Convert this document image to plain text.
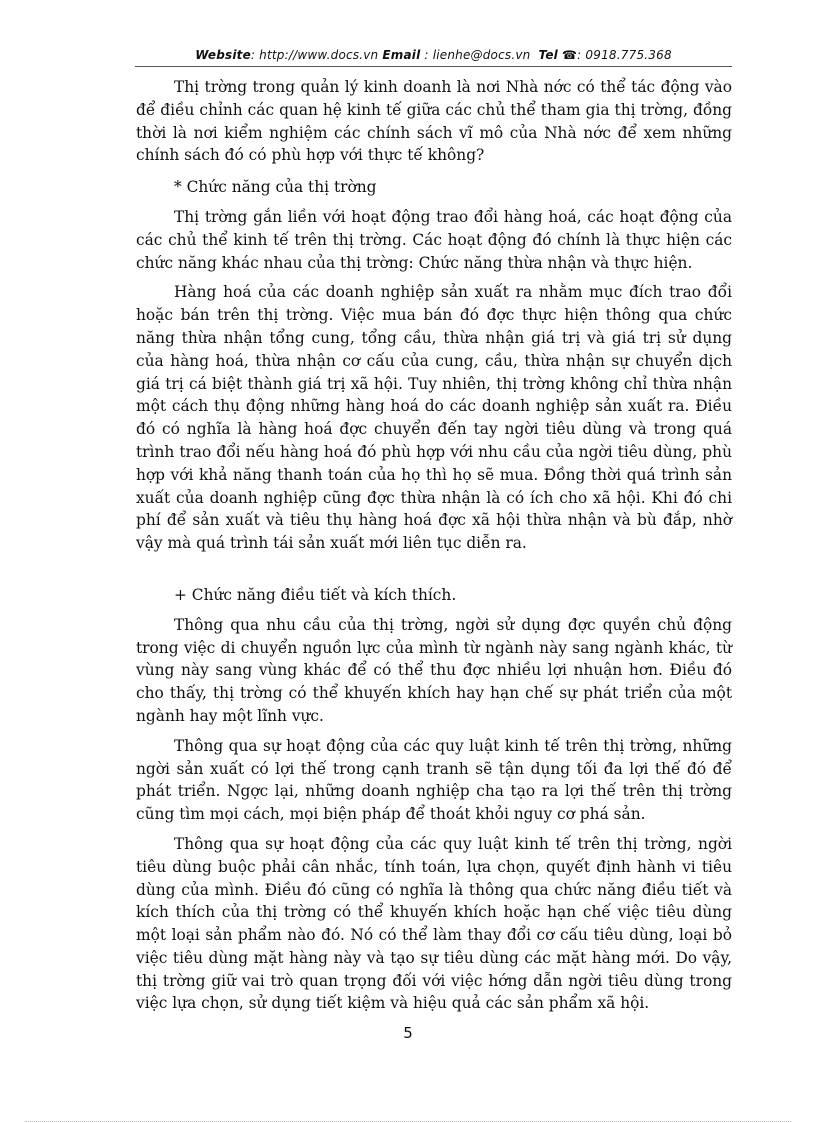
Website: http://www.docs.vn Email : lienhe@docs.vn Tel ☎: 0918.775.368

Thị trờng trong quản lý kinh doanh là nơi Nhà nớc có thể tác động vào để điều chỉnh các quan hệ kinh tế giữa các chủ thể tham gia thị trờng, đồng thời là nơi kiểm nghiệm các chính sách vĩ mô của Nhà nớc để xem những chính sách đó có phù hợp với thực tế không?

* Chức năng của thị trờng

Thị trờng gắn liền với hoạt động trao đổi hàng hoá, các hoạt động của các chủ thể kinh tế trên thị trờng. Các hoạt động đó chính là thực hiện các chức năng khác nhau của thị trờng: Chức năng thừa nhận và thực hiện.

Hàng hoá của các doanh nghiệp sản xuất ra nhằm mục đích trao đổi hoặc bán trên thị trờng. Việc mua bán đó đợc thực hiện thông qua chức năng thừa nhận tổng cung, tổng cầu, thừa nhận giá trị và giá trị sử dụng của hàng hoá, thừa nhận cơ cấu của cung, cầu, thừa nhận sự chuyển dịch giá trị cá biệt thành giá trị xã hội. Tuy nhiên, thị trờng không chỉ thừa nhận một cách thụ động những hàng hoá do các doanh nghiệp sản xuất ra. Điều đó có nghĩa là hàng hoá đợc chuyển đến tay ngời tiêu dùng và trong quá trình trao đổi nếu hàng hoá đó phù hợp với nhu cầu của ngời tiêu dùng, phù hợp với khả năng thanh toán của họ thì họ sẽ mua. Đồng thời quá trình sản xuất của doanh nghiệp cũng đợc thừa nhận là có ích cho xã hội. Khi đó chi phí để sản xuất và tiêu thụ hàng hoá đợc xã hội thừa nhận và bù đắp, nhờ vậy mà quá trình tái sản xuất mới liên tục diễn ra.

+ Chức năng điều tiết và kích thích.

Thông qua nhu cầu của thị trờng, ngời sử dụng đợc quyền chủ động trong việc di chuyển nguồn lực của mình từ ngành này sang ngành khác, từ vùng này sang vùng khác để có thể thu đợc nhiều lợi nhuận hơn. Điều đó cho thấy, thị trờng có thể khuyến khích hay hạn chế sự phát triển của một ngành hay một lĩnh vực.

Thông qua sự hoạt động của các quy luật kinh tế trên thị trờng, những ngời sản xuất có lợi thế trong cạnh tranh sẽ tận dụng tối đa lợi thế đó để phát triển. Ngợc lại, những doanh nghiệp cha tạo ra lợi thế trên thị trờng cũng tìm mọi cách, mọi biện pháp để thoát khỏi nguy cơ phá sản.

Thông qua sự hoạt động của các quy luật kinh tế trên thị trờng, ngời tiêu dùng buộc phải cân nhắc, tính toán, lựa chọn, quyết định hành vi tiêu dùng của mình. Điều đó cũng có nghĩa là thông qua chức năng điều tiết và kích thích của thị trờng có thể khuyến khích hoặc hạn chế việc tiêu dùng một loại sản phẩm nào đó. Nó có thể làm thay đổi cơ cấu tiêu dùng, loại bỏ việc tiêu dùng mặt hàng này và tạo sự tiêu dùng các mặt hàng mới. Do vậy, thị trờng giữ vai trò quan trọng đối với việc hớng dẫn ngời tiêu dùng trong việc lựa chọn, sử dụng tiết kiệm và hiệu quả các sản phẩm xã hội.

5
